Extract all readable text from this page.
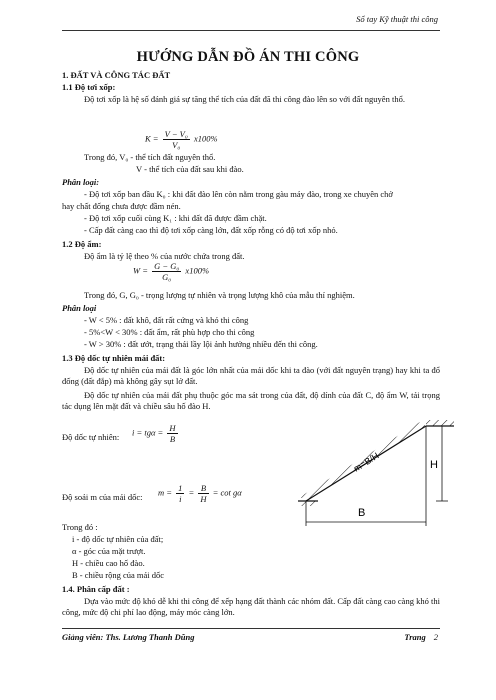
Sổ tay Kỹ thuật thi công
HƯỚNG DẪN ĐỒ ÁN THI CÔNG
1. ĐẤT VÀ CÔNG TÁC ĐẤT
1.1 Độ tơi xốp:
Độ tơi xốp là hệ số đánh giá sự tăng thể tích của đất đã thi công đào lên so với đất nguyên thổ.
$K = \frac{\text{V − V₀}}{\text{V₀}} x100\%$
Trong đó, V₀ - thể tích đất nguyên thổ.
V - thể tích của đất sau khi đào.
Phân loại:
- Độ tơi xốp ban đầu K₀ : khi đất đào lên còn nằm trong gàu máy đào, trong xe chuyên chở
hay chất đống chưa được đầm nén.
- Độ tơi xốp cuối cùng K₁ : khi đất đã được đầm chặt.
- Cấp đất càng cao thì độ tơi xốp càng lớn, đất xốp rỗng có độ tơi xốp nhỏ.
1.2 Độ ẩm:
Độ ẩm là tỷ lệ theo % của nước chứa trong đất.
$W = \frac{\text{G − G₀}}{\text{G₀}} x100\%$
Trong đó, G, G₀ - trọng lượng tự nhiên và trọng lượng khô của mẫu thí nghiệm.
Phân loại
- W < 5% : đất khô, đất rất cứng và khó thi công
- 5%<W < 30% : đất ẩm, rất phù hợp cho thi công
- W > 30% : đất ướt, trạng thái lầy lội ảnh hưởng nhiều đến thi công.
1.3 Độ dốc tự nhiên mái đất:
Độ dốc tự nhiên của mái đất là góc lớn nhất của mái dốc khi ta đào (với đất nguyên trạng) hay khi ta đổ đống (đất đắp) mà không gây sụt lở đất.
Độ dốc tự nhiên của mái đất phụ thuộc góc ma sát trong của đất, độ dính của đất C, độ ẩm W, tải trọng tác dụng lên mặt đất và chiều sâu hố đào H.
Độ dốc tự nhiên: $i = tg\alpha = \frac{H}{B}$
Độ soải m của mái dốc: $m = \frac{1}{i} = \frac{B}{H} = \cot g\alpha$
H
B
m=B/H
Trong đó :
i - độ dốc tự nhiên của đất;
α - góc của mặt trượt.
H - chiều cao hố đào.
B - chiều rộng của mái dốc
1.4. Phân cấp đất :
Dựa vào mức độ khó dễ khi thi công để xếp hạng đất thành các nhóm đất. Cấp đất càng cao càng khó thi công, mức độ chi phí lao động, máy móc càng lớn.
Giảng viên: Ths. Lương Thanh Dũng	Trang 2
